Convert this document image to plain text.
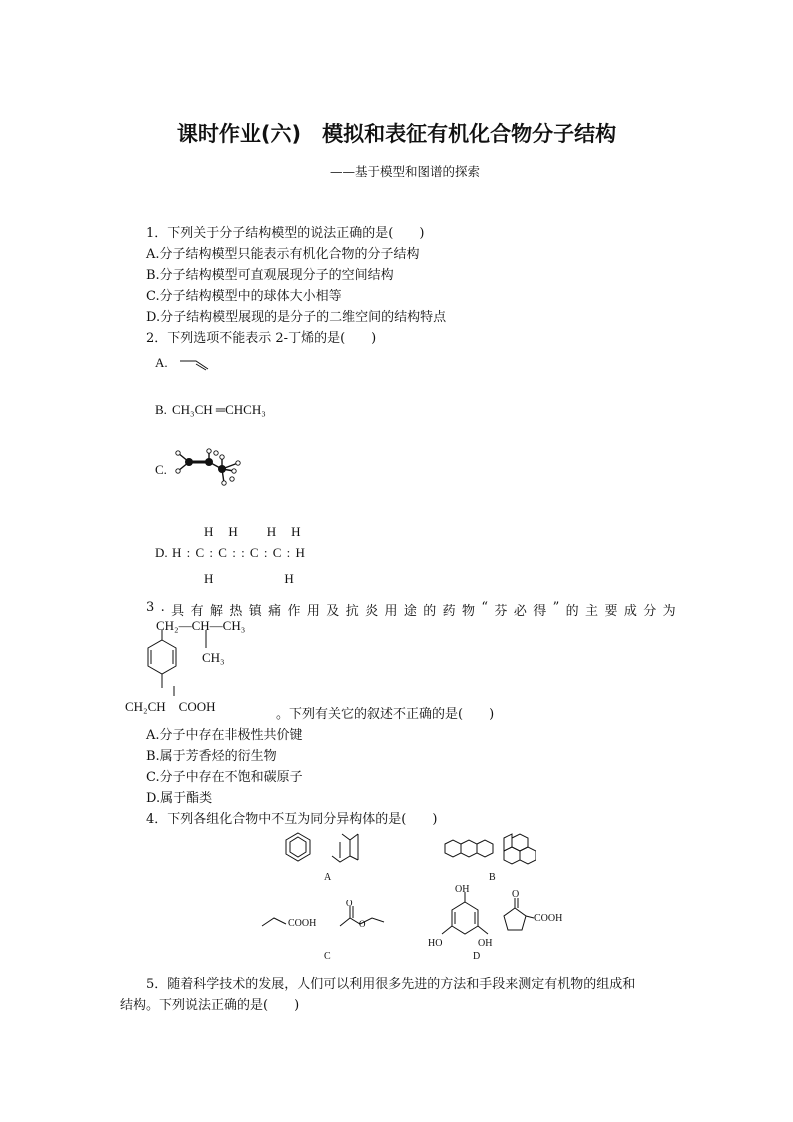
课时作业(六)　模拟和表征有机化合物分子结构
——基于模型和图谱的探索
1．下列关于分子结构模型的说法正确的是(　　)
A.分子结构模型只能表示有机化合物的分子结构
B.分子结构模型可直观展现分子的空间结构
C.分子结构模型中的球体大小相等
D.分子结构模型展现的是分子的二维空间的结构特点
2．下列选项不能表示 2-丁烯的是(　　)
A.
B. CH₃CH ═CHCH₃
C.
H　H　　H　H
D. H : C : C : : C : C : H
H　　　　　H
3 . 具 有 解 热 镇 痛 作 用 及 抗 炎 用 途 的 药 物 “ 芬 必 得 ” 的 主 要 成 分 为
CH₂—CH—CH₃
CH₃
CH₂CH　COOH
。下列有关它的叙述不正确的是(　　)
A.分子中存在非极性共价键
B.属于芳香烃的衍生物
C.分子中存在不饱和碳原子
D.属于酯类
4．下列各组化合物中不互为同分异构体的是(　　)
A	B
O
O
COOH
C
OH
HO	OH
O
COOH
D
5．随着科学技术的发展，人们可以利用很多先进的方法和手段来测定有机物的组成和
结构。下列说法正确的是(　　)
